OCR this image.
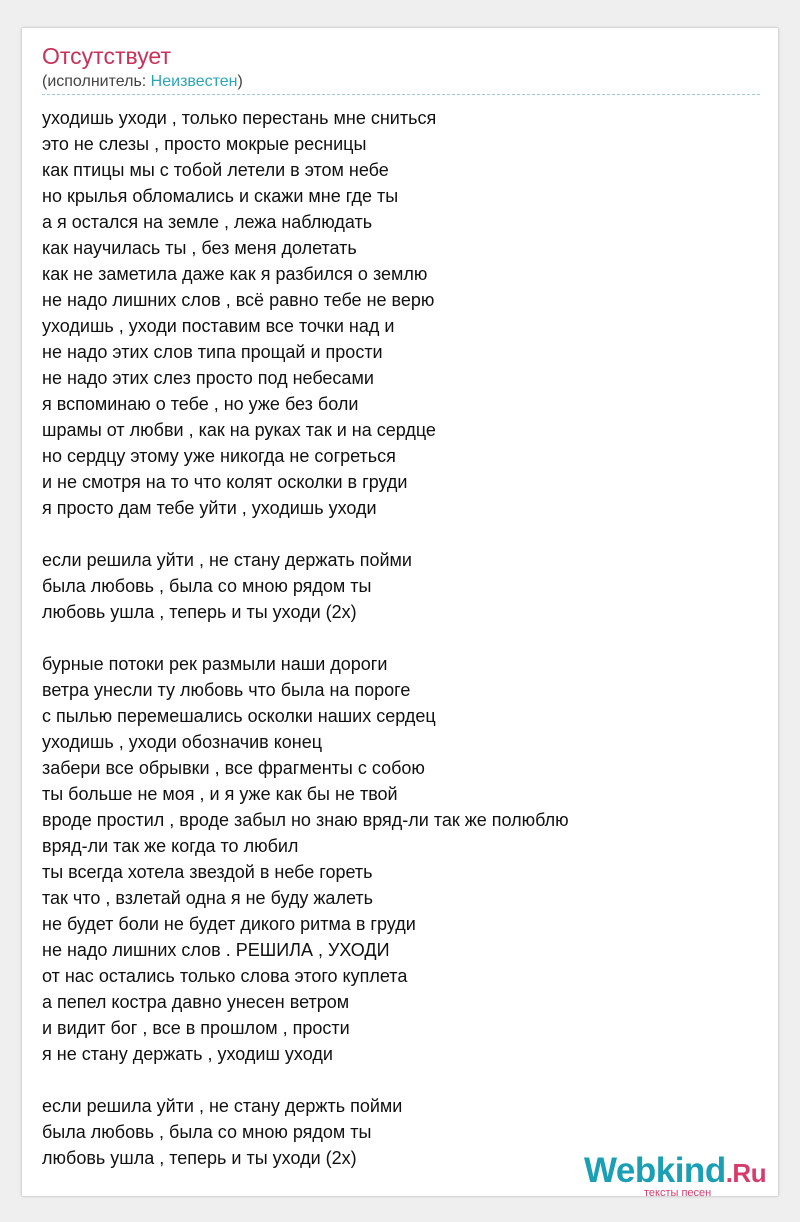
Отсутствует
(исполнитель: Неизвестен)
уходишь уходи , только перестань мне сниться
это не слезы , просто мокрые ресницы
как птицы мы с тобой летели в этом небе
но крылья обломались и скажи мне где ты
а я остался на земле , лежа наблюдать
как научилась ты , без меня долетать
как не заметила даже как я разбился о землю
не надо лишних слов , всё равно тебе не верю
уходишь , уходи поставим все точки над и
не надо этих слов типа прощай и прости
не надо этих слез просто под небесами
я вспоминаю о тебе , но уже без боли
шрамы от любви , как на руках так и на сердце
но сердцу этому уже никогда не согреться
и не смотря на то что колят осколки в груди
я просто дам тебе уйти , уходишь уходи
если решила уйти , не стану держать пойми
была любовь , была со мною рядом ты
любовь ушла , теперь и ты уходи (2х)
бурные потоки рек размыли наши дороги
ветра унесли ту любовь что была на пороге
с пылью перемешались осколки наших сердец
уходишь , уходи обозначив конец
забери все обрывки , все фрагменты с собою
ты больше не моя , и я уже как бы не твой
вроде простил , вроде забыл но знаю вряд-ли так же полюблю
вряд-ли так же когда то любил
ты всегда хотела звездой в небе гореть
так что , взлетай одна я не буду жалеть
не будет боли не будет дикого ритма в груди
не надо лишних слов . РЕШИЛА , УХОДИ
от нас остались только слова этого куплета
а пепел костра давно унесен ветром
и видит бог , все в прошлом , прости
я не стану держать , уходиш уходи
если решила уйти , не стану держть пойми
была любовь , была со мною рядом ты
любовь ушла , теперь и ты уходи (2х)	Webkind.Ru
тексты песен
